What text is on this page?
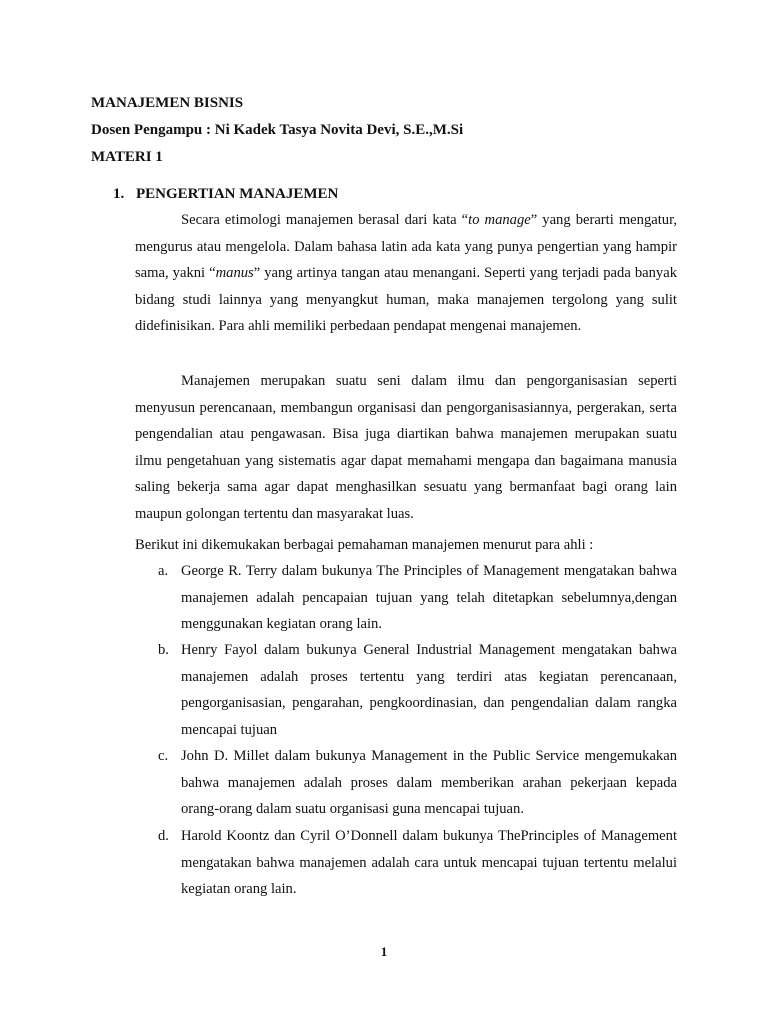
MANAJEMEN BISNIS
Dosen Pengampu : Ni Kadek Tasya Novita Devi, S.E.,M.Si
MATERI 1
1. PENGERTIAN MANAJEMEN

Secara etimologi manajemen berasal dari kata “to manage” yang berarti mengatur, mengurus atau mengelola. Dalam bahasa latin ada kata yang punya pengertian yang hampir sama, yakni “manus” yang artinya tangan atau menangani. Seperti yang terjadi pada banyak bidang studi lainnya yang menyangkut human, maka manajemen tergolong yang sulit didefinisikan. Para ahli memiliki perbedaan pendapat mengenai manajemen.

Manajemen merupakan suatu seni dalam ilmu dan pengorganisasian seperti menyusun perencanaan, membangun organisasi dan pengorganisasiannya, pergerakan, serta pengendalian atau pengawasan. Bisa juga diartikan bahwa manajemen merupakan suatu ilmu pengetahuan yang sistematis agar dapat memahami mengapa dan bagaimana manusia saling bekerja sama agar dapat menghasilkan sesuatu yang bermanfaat bagi orang lain maupun golongan tertentu dan masyarakat luas.

Berikut ini dikemukakan berbagai pemahaman manajemen menurut para ahli :
a. George R. Terry dalam bukunya The Principles of Management mengatakan bahwa manajemen adalah pencapaian tujuan yang telah ditetapkan sebelumnya,dengan menggunakan kegiatan orang lain.
b. Henry Fayol dalam bukunya General Industrial Management mengatakan bahwa manajemen adalah proses tertentu yang terdiri atas kegiatan perencanaan, pengorganisasian, pengarahan, pengkoordinasian, dan pengendalian dalam rangka mencapai tujuan
c. John D. Millet dalam bukunya Management in the Public Service mengemukakan bahwa manajemen adalah proses dalam memberikan arahan pekerjaan kepada orang-orang dalam suatu organisasi guna mencapai tujuan.
d. Harold Koontz dan Cyril O’Donnell dalam bukunya ThePrinciples of Management mengatakan bahwa manajemen adalah cara untuk mencapai tujuan tertentu melalui kegiatan orang lain.
1
